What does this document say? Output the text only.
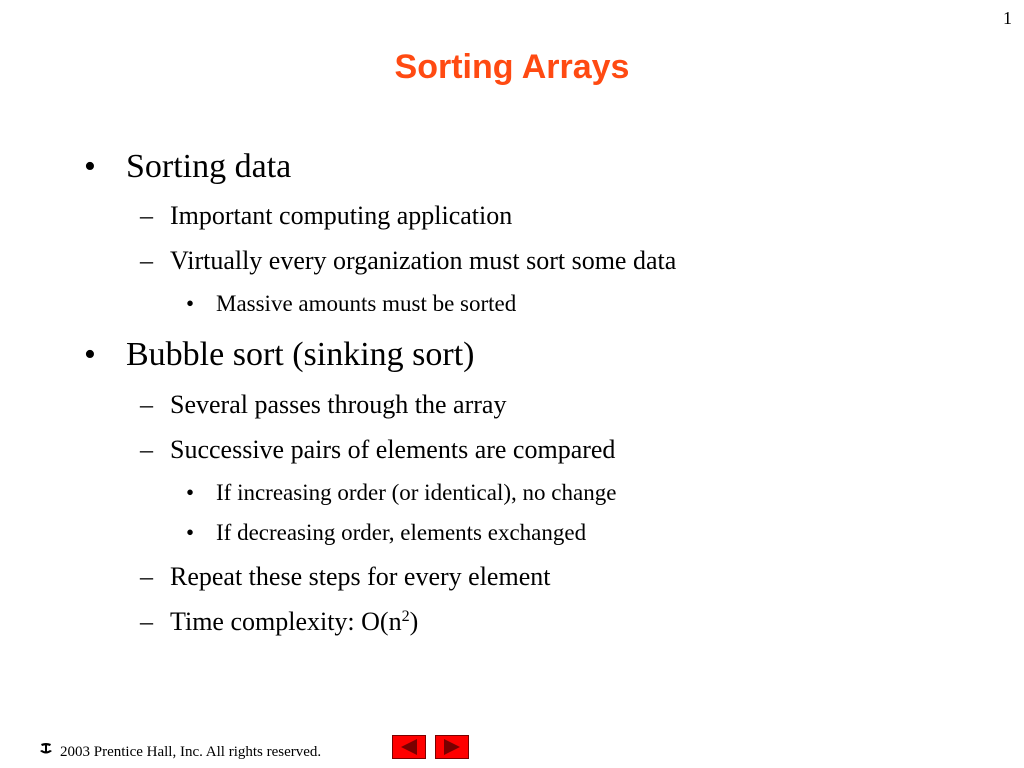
1
Sorting Arrays
• Sorting data
– Important computing application
– Virtually every organization must sort some data
• Massive amounts must be sorted
• Bubble sort (sinking sort)
– Several passes through the array
– Successive pairs of elements are compared
• If increasing order (or identical), no change
• If decreasing order, elements exchanged
– Repeat these steps for every element
– Time complexity: $O(n^2)$
2003 Prentice Hall, Inc. All rights reserved.
